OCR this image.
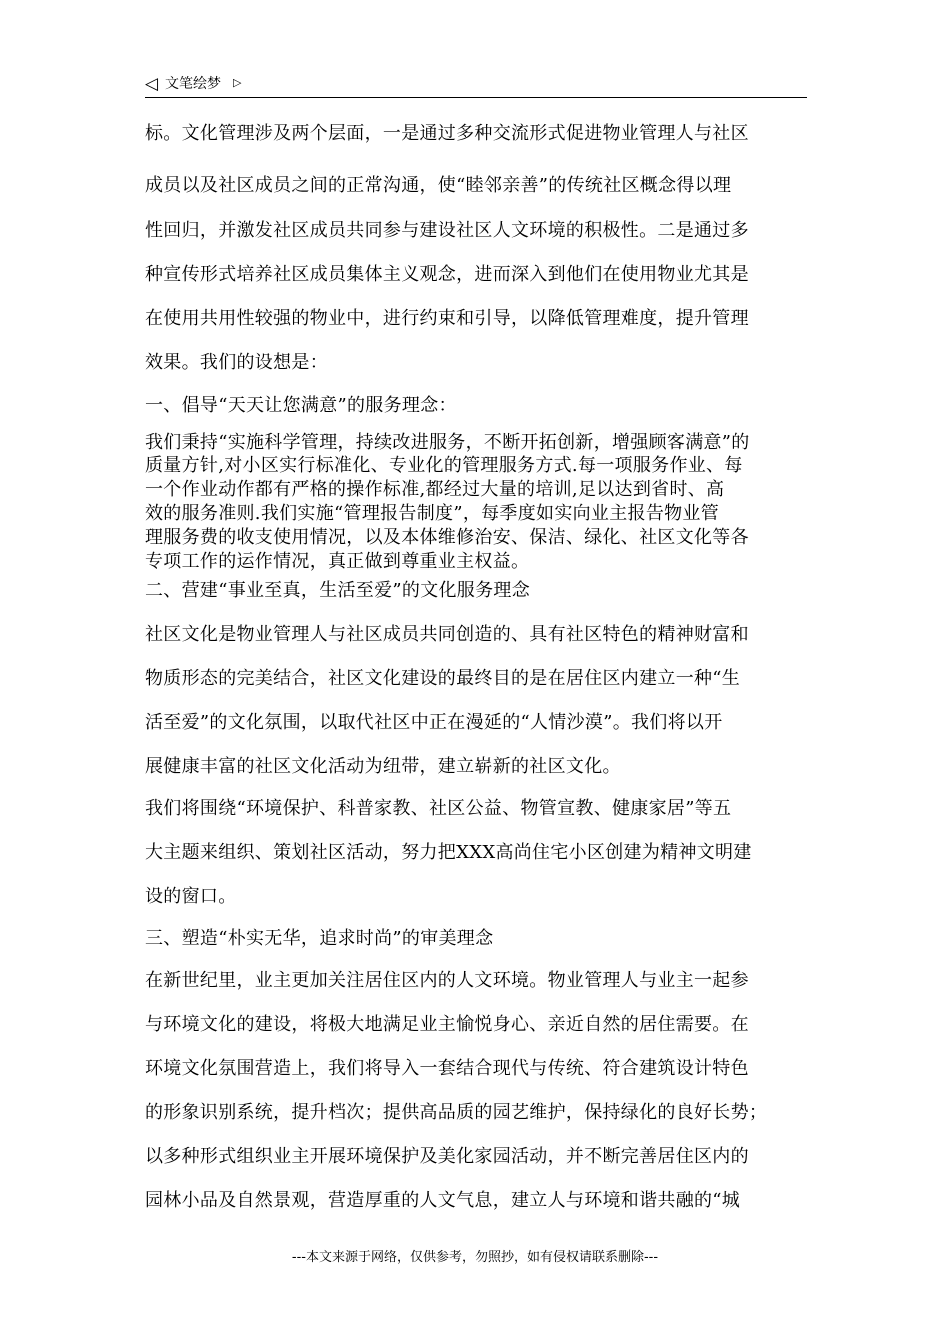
◁ 文笔绘梦 ▷
标。文化管理涉及两个层面，一是通过多种交流形式促进物业管理人与社区
成员以及社区成员之间的正常沟通，使“睦邻亲善”的传统社区概念得以理
性回归，并激发社区成员共同参与建设社区人文环境的积极性。二是通过多
种宣传形式培养社区成员集体主义观念，进而深入到他们在使用物业尤其是
在使用共用性较强的物业中，进行约束和引导，以降低管理难度，提升管理
效果。我们的设想是：
一、倡导“天天让您满意”的服务理念：
我们秉持“实施科学管理，持续改进服务，不断开拓创新，增强顾客满意”的
质量方针,对小区实行标准化、专业化的管理服务方式.每一项服务作业、每
一个作业动作都有严格的操作标准,都经过大量的培训,足以达到省时、高
效的服务准则.我们实施“管理报告制度”，每季度如实向业主报告物业管
理服务费的收支使用情况，以及本体维修治安、保洁、绿化、社区文化等各
专项工作的运作情况，真正做到尊重业主权益。
二、营建“事业至真，生活至爱”的文化服务理念
社区文化是物业管理人与社区成员共同创造的、具有社区特色的精神财富和
物质形态的完美结合，社区文化建设的最终目的是在居住区内建立一种“生
活至爱”的文化氛围，以取代社区中正在漫延的“人情沙漠”。我们将以开
展健康丰富的社区文化活动为纽带，建立崭新的社区文化。
我们将围绕“环境保护、科普家教、社区公益、物管宣教、健康家居”等五
大主题来组织、策划社区活动，努力把XXX高尚住宅小区创建为精神文明建
设的窗口。
三、塑造“朴实无华，追求时尚”的审美理念
在新世纪里，业主更加关注居住区内的人文环境。物业管理人与业主一起参
与环境文化的建设，将极大地满足业主愉悦身心、亲近自然的居住需要。在
环境文化氛围营造上，我们将导入一套结合现代与传统、符合建筑设计特色
的形象识别系统，提升档次；提供高品质的园艺维护，保持绿化的良好长势；
以多种形式组织业主开展环境保护及美化家园活动，并不断完善居住区内的
园林小品及自然景观，营造厚重的人文气息，建立人与环境和谐共融的“城
---本文来源于网络，仅供参考，勿照抄，如有侵权请联系删除---
